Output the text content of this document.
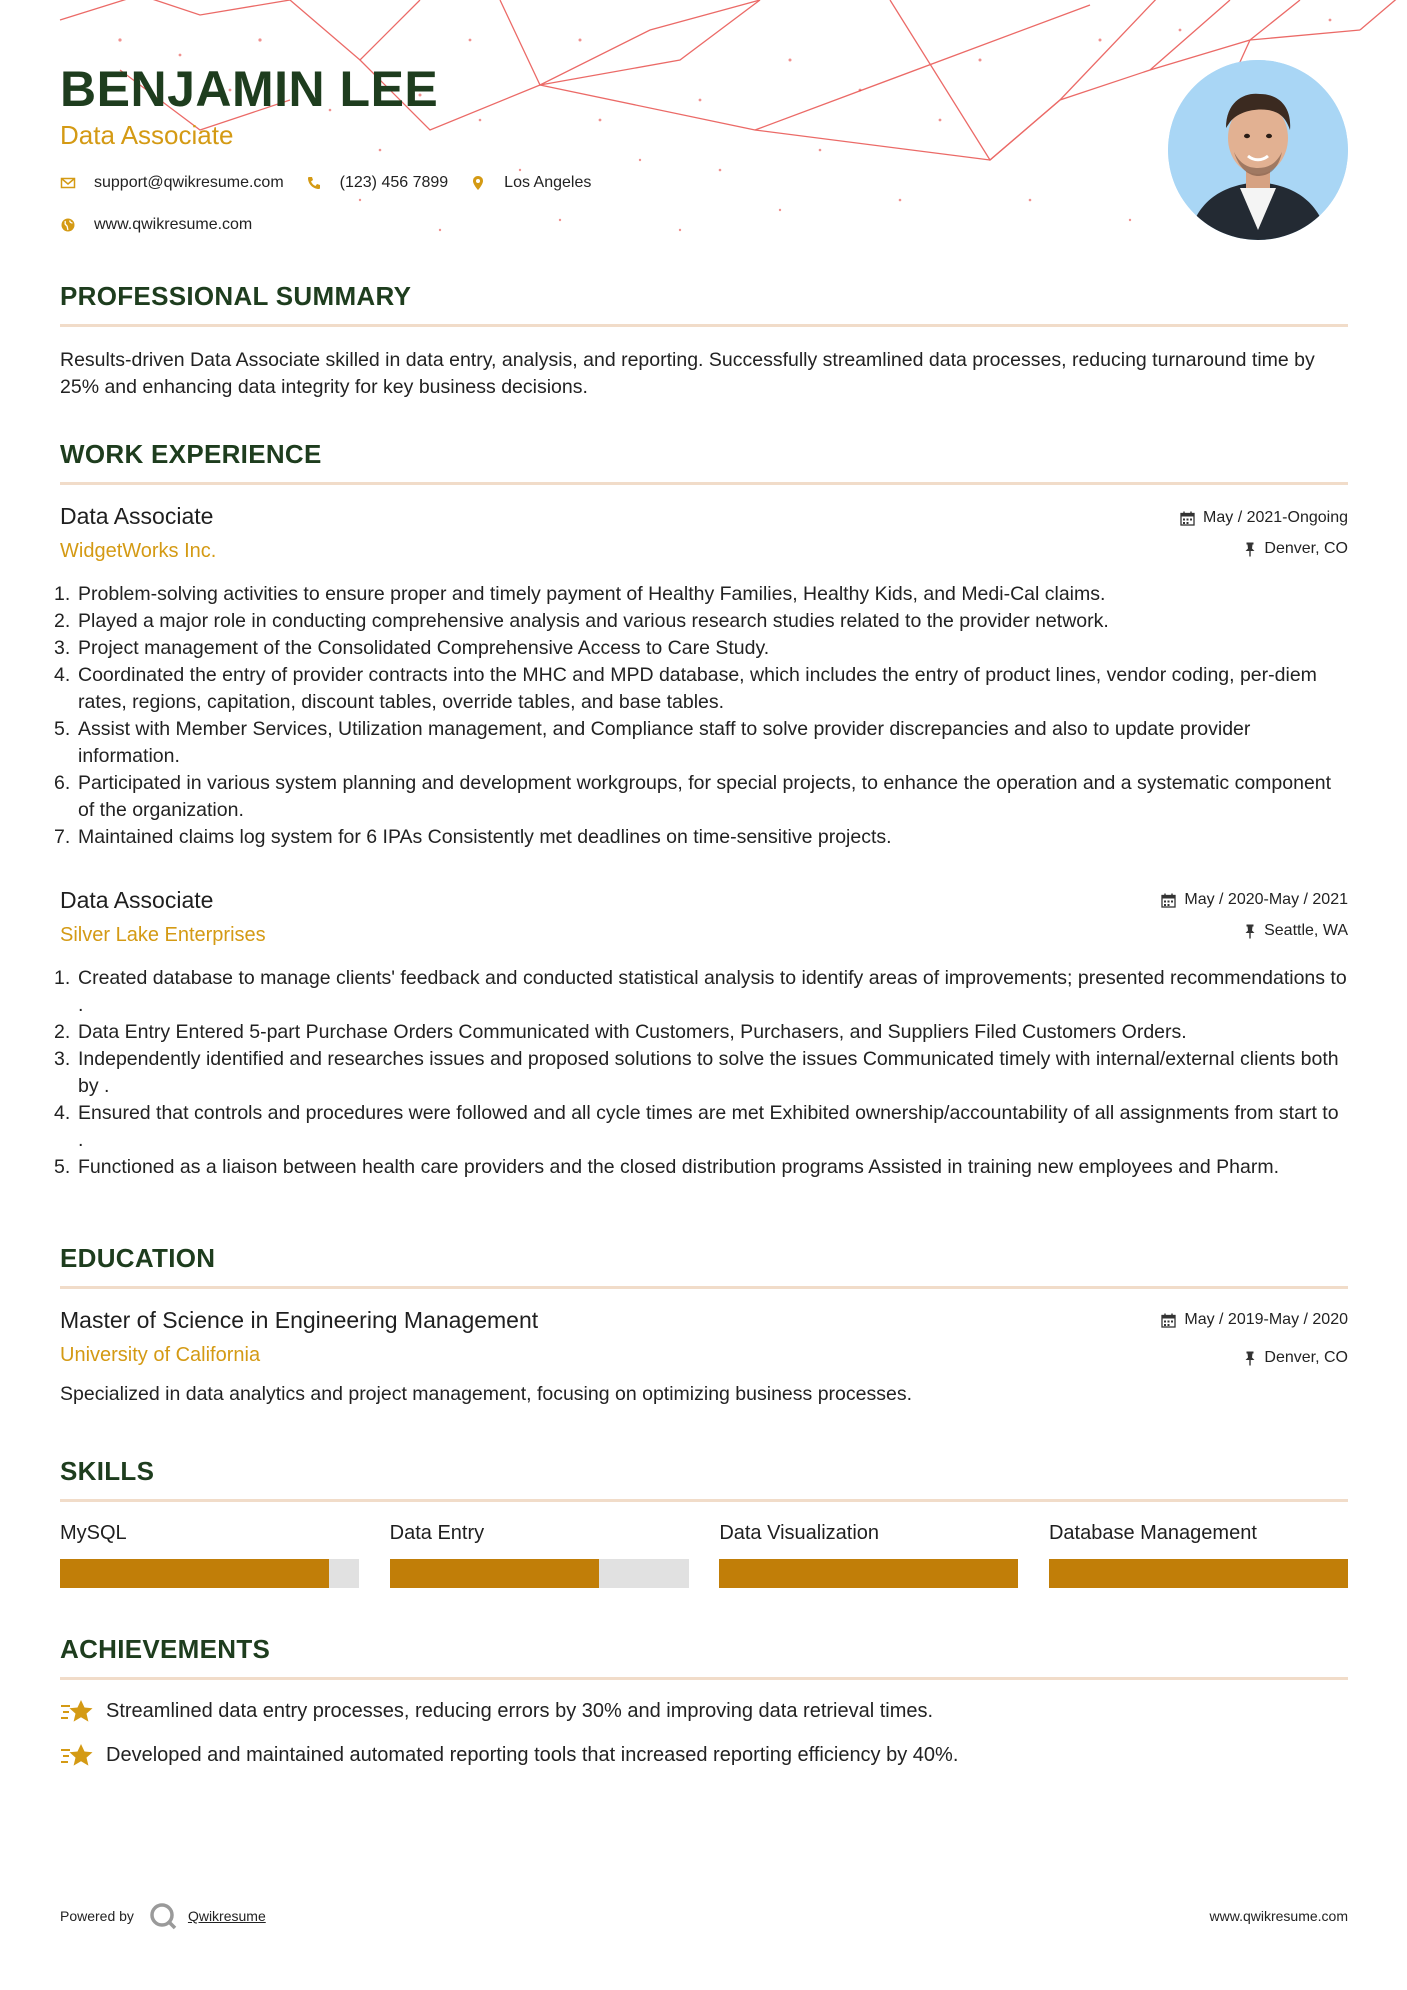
BENJAMIN LEE
Data Associate
support@qwikresume.com	(123) 456 7899	Los Angeles
www.qwikresume.com
PROFESSIONAL SUMMARY
Results-driven Data Associate skilled in data entry, analysis, and reporting. Successfully streamlined data processes, reducing turnaround time by 25% and enhancing data integrity for key business decisions.
WORK EXPERIENCE
Data Associate
WidgetWorks Inc.
May / 2021-Ongoing
Denver, CO
Problem-solving activities to ensure proper and timely payment of Healthy Families, Healthy Kids, and Medi-Cal claims.
Played a major role in conducting comprehensive analysis and various research studies related to the provider network.
Project management of the Consolidated Comprehensive Access to Care Study.
Coordinated the entry of provider contracts into the MHC and MPD database, which includes the entry of product lines, vendor coding, per-diem rates, regions, capitation, discount tables, override tables, and base tables.
Assist with Member Services, Utilization management, and Compliance staff to solve provider discrepancies and also to update provider information.
Participated in various system planning and development workgroups, for special projects, to enhance the operation and a systematic component of the organization.
Maintained claims log system for 6 IPAs Consistently met deadlines on time-sensitive projects.
Data Associate
Silver Lake Enterprises
May / 2020-May / 2021
Seattle, WA
Created database to manage clients' feedback and conducted statistical analysis to identify areas of improvements; presented recommendations to .
Data Entry Entered 5-part Purchase Orders Communicated with Customers, Purchasers, and Suppliers Filed Customers Orders.
Independently identified and researches issues and proposed solutions to solve the issues Communicated timely with internal/external clients both by .
Ensured that controls and procedures were followed and all cycle times are met Exhibited ownership/accountability of all assignments from start to .
Functioned as a liaison between health care providers and the closed distribution programs Assisted in training new employees and Pharm.
EDUCATION
Master of Science in Engineering Management
University of California
May / 2019-May / 2020
Denver, CO
Specialized in data analytics and project management, focusing on optimizing business processes.
SKILLS
MySQL	Data Entry	Data Visualization	Database Management
ACHIEVEMENTS
Streamlined data entry processes, reducing errors by 30% and improving data retrieval times.
Developed and maintained automated reporting tools that increased reporting efficiency by 40%.
Powered by	Qwikresume	www.qwikresume.com
